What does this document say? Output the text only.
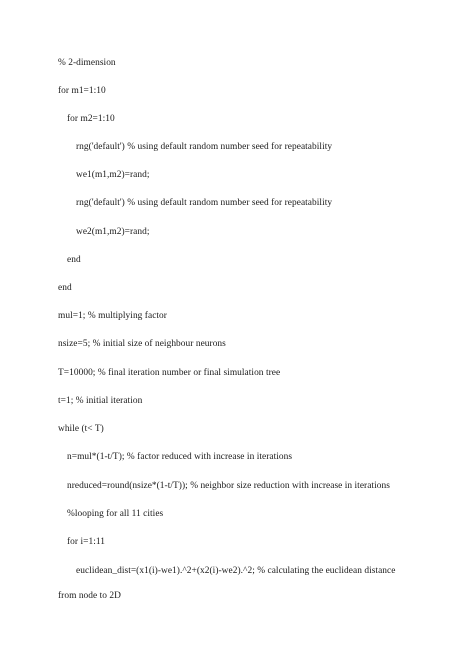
% 2-dimension
for m1=1:10
for m2=1:10
rng('default') % using default random number seed for repeatability
we1(m1,m2)=rand;
rng('default') % using default random number seed for repeatability
we2(m1,m2)=rand;
end
end
mul=1; % multiplying factor
nsize=5; % initial size of neighbour neurons
T=10000; % final iteration number or final simulation tree
t=1; % initial iteration
while (t< T)
n=mul*(1-t/T); % factor reduced with increase in iterations
nreduced=round(nsize*(1-t/T)); % neighbor size reduction with increase in iterations
%looping for all 11 cities
for i=1:11
euclidean_dist=(x1(i)-we1).^2+(x2(i)-we2).^2; % calculating the euclidean distance
from node to 2D
